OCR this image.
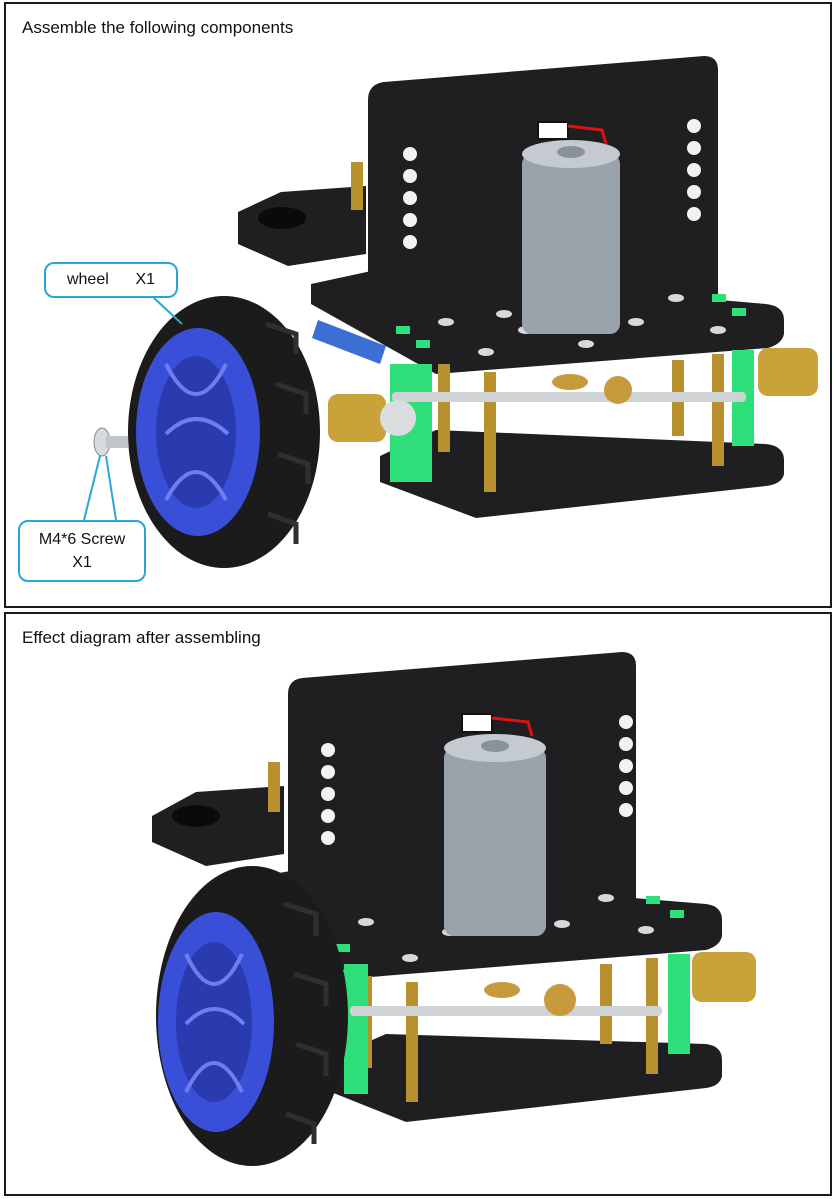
Assemble the following components
wheel X1
M4*6 Screw
X1
Effect diagram after assembling
